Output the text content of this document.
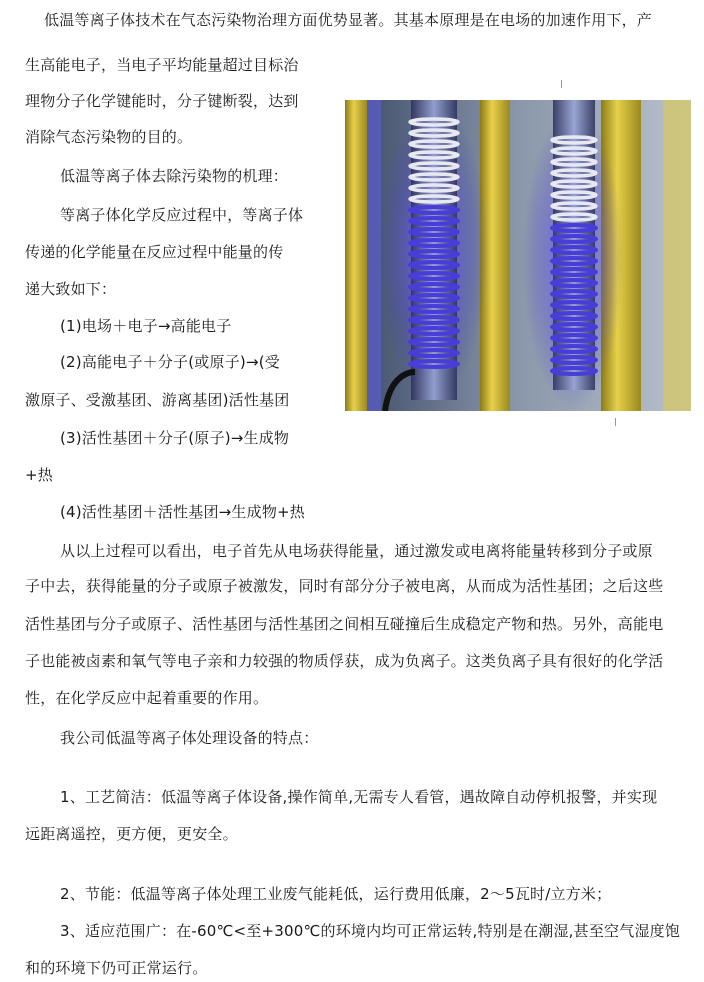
低温等离子体技术在气态污染物治理方面优势显著。其基本原理是在电场的加速作用下，产
生高能电子，当电子平均能量超过目标治
理物分子化学键能时，分子键断裂，达到
消除气态污染物的目的。
低温等离子体去除污染物的机理：
等离子体化学反应过程中，等离子体
传递的化学能量在反应过程中能量的传
递大致如下：
(1)电场＋电子→高能电子
(2)高能电子＋分子(或原子)→(受
激原子、受激基团、游离基团)活性基团
(3)活性基团＋分子(原子)→生成物
+热
(4)活性基团＋活性基团→生成物+热
从以上过程可以看出，电子首先从电场获得能量，通过激发或电离将能量转移到分子或原
子中去，获得能量的分子或原子被激发，同时有部分分子被电离，从而成为活性基团；之后这些
活性基团与分子或原子、活性基团与活性基团之间相互碰撞后生成稳定产物和热。另外，高能电
子也能被卤素和氧气等电子亲和力较强的物质俘获，成为负离子。这类负离子具有很好的化学活
性，在化学反应中起着重要的作用。
我公司低温等离子体处理设备的特点：
1、工艺简洁：低温等离子体设备,操作简单,无需专人看管，遇故障自动停机报警，并实现
远距离遥控，更方便，更安全。
2、节能：低温等离子体处理工业废气能耗低，运行费用低廉，2～5瓦时/立方米；
3、适应范围广：在-60℃<至+300℃的环境内均可正常运转,特别是在潮湿,甚至空气湿度饱
和的环境下仍可正常运行。
